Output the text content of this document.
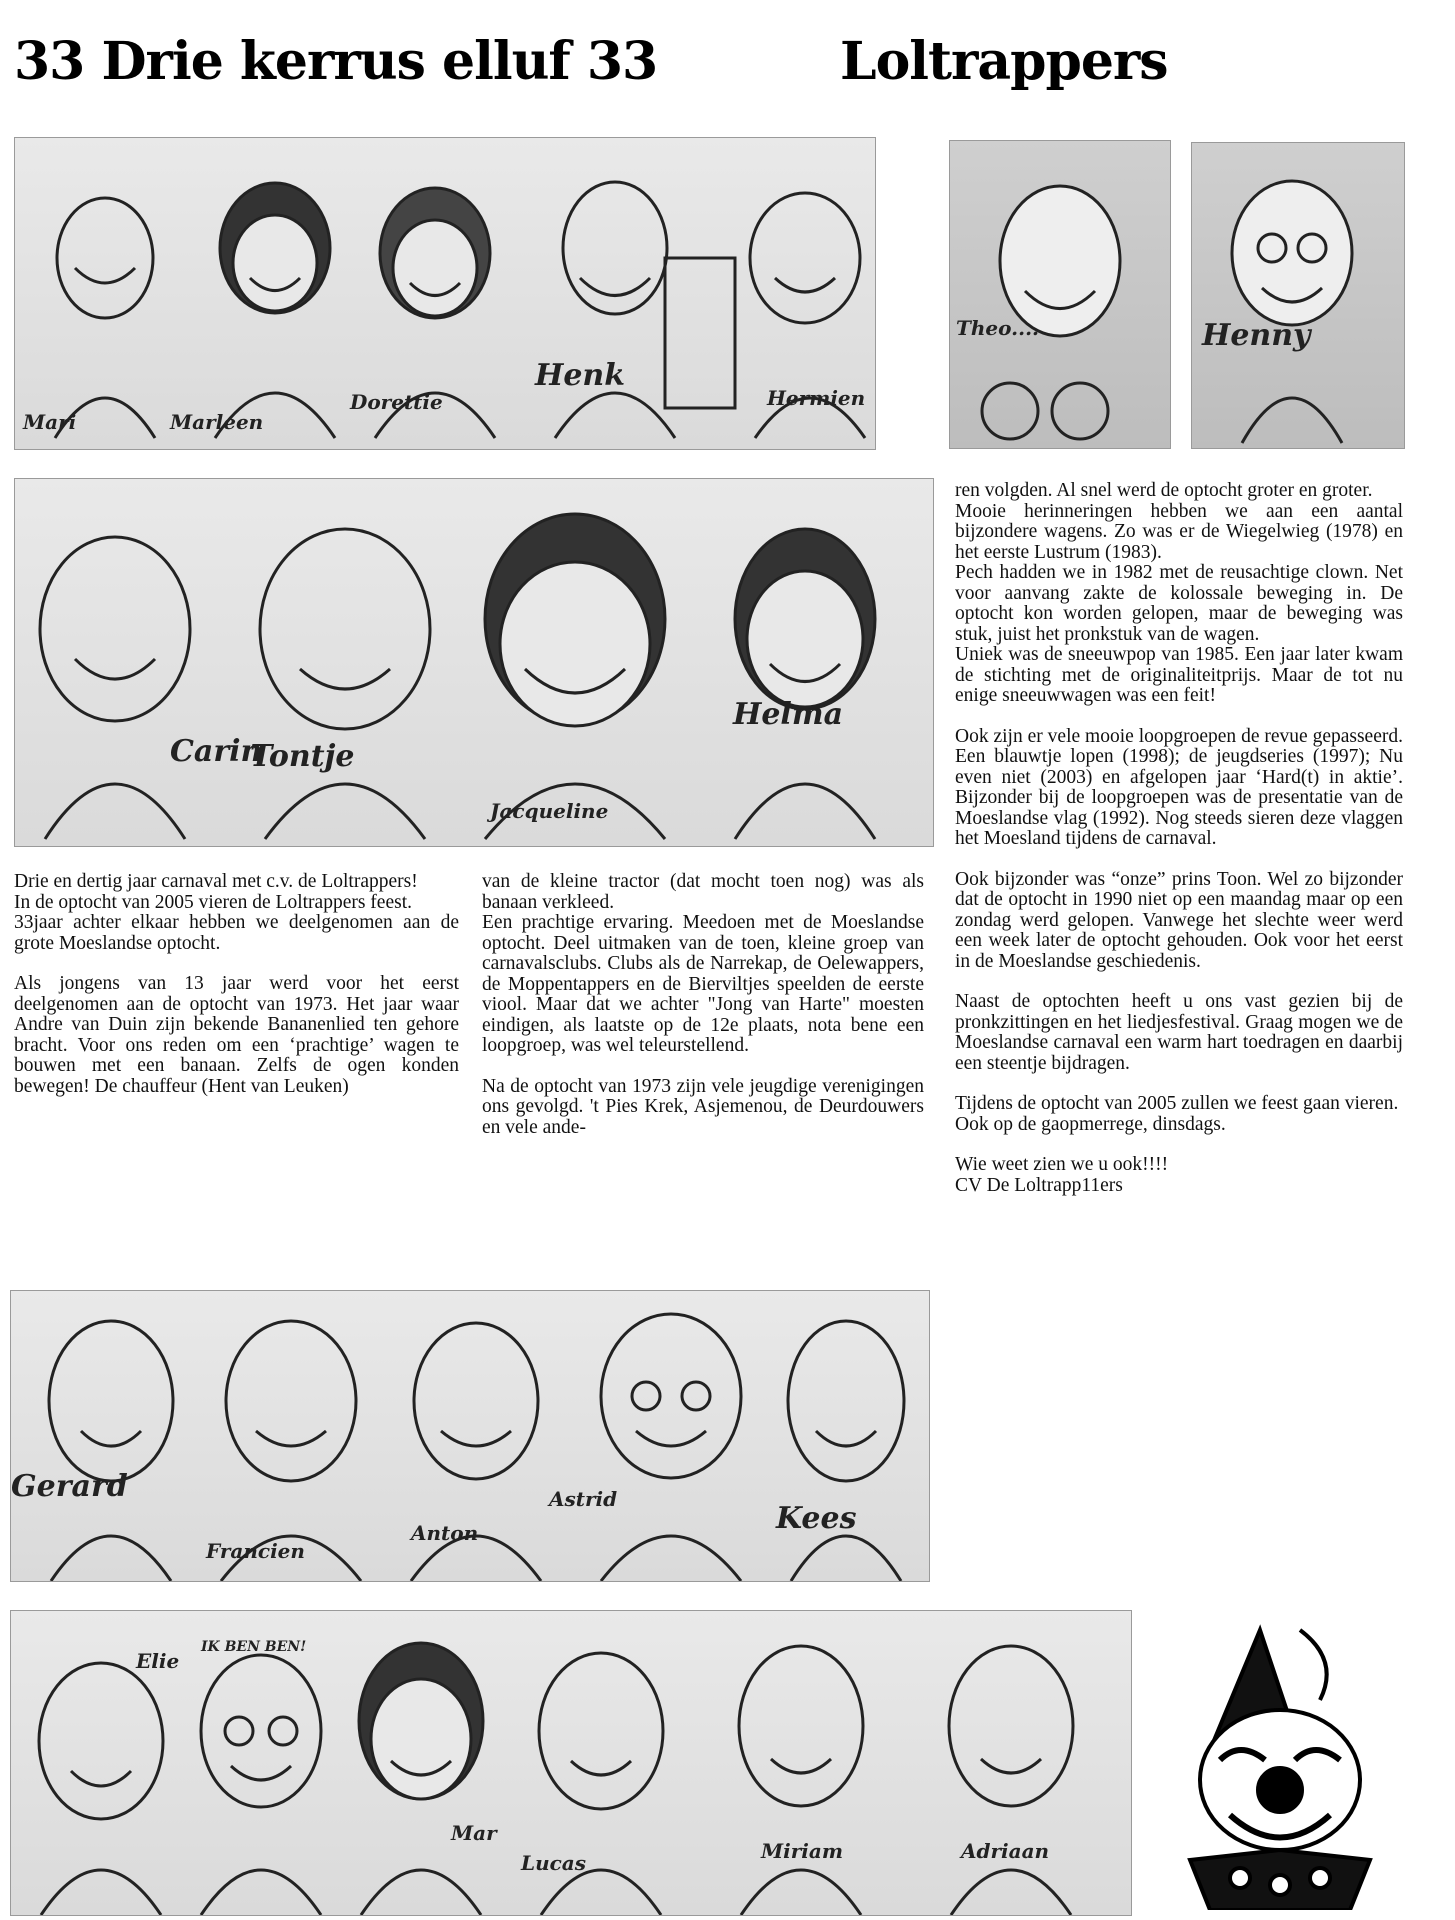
33 Drie kerrus elluf 33	Loltrappers
Mari	Marleen
Dorettie
Henk
Hermien
Theo....	Henny
Carin
Tontje
Jacqueline
Helma

Drie en dertig jaar carnaval met c.v. de Loltrappers!

In de optocht van 2005 vieren de Loltrappers feest.

33jaar achter elkaar hebben we deelgenomen aan de grote Moeslandse optocht.

Als jongens van 13 jaar werd voor het eerst deelgenomen aan de optocht van 1973. Het jaar waar Andre van Duin zijn bekende Bananenlied ten gehore bracht. Voor ons reden om een ‘prachtige’ wagen te bouwen met een banaan. Zelfs de ogen konden bewegen! De chauffeur (Hent van Leuken)

van de kleine tractor (dat mocht toen nog) was als banaan verkleed.

Een prachtige ervaring. Meedoen met de Moeslandse optocht. Deel uitmaken van de toen, kleine groep van carnavalsclubs. Clubs als de Narrekap, de Oelewappers, de Moppentappers en de Bierviltjes speelden de eerste viool. Maar dat we achter "Jong van Harte" moesten eindigen, als laatste op de 12e plaats, nota bene een loopgroep, was wel teleurstellend.

Na de optocht van 1973 zijn vele jeugdige verenigingen ons gevolgd. 't Pies Krek, Asjemenou, de Deurdouwers en vele ande-

ren volgden. Al snel werd de optocht groter en groter.

Mooie herinneringen hebben we aan een aantal bijzondere wagens. Zo was er de Wiegelwieg (1978) en het eerste Lustrum (1983).

Pech hadden we in 1982 met de reusachtige clown. Net voor aanvang zakte de kolossale beweging in. De optocht kon worden gelopen, maar de beweging was stuk, juist het pronkstuk van de wagen.

Uniek was de sneeuwpop van 1985. Een jaar later kwam de stichting met de originaliteitprijs. Maar de tot nu enige sneeuwwagen was een feit!

Ook zijn er vele mooie loopgroepen de revue gepasseerd. Een blauwtje lopen (1998); de jeugdseries (1997); Nu even niet (2003) en afgelopen jaar ‘Hard(t) in aktie’. Bijzonder bij de loopgroepen was de presentatie van de Moeslandse vlag (1992). Nog steeds sieren deze vlaggen het Moesland tijdens de carnaval.

Ook bijzonder was “onze” prins Toon. Wel zo bijzonder dat de optocht in 1990 niet op een maandag maar op een zondag werd gelopen. Vanwege het slechte weer werd een week later de optocht gehouden. Ook voor het eerst in de Moeslandse geschiedenis.

Naast de optochten heeft u ons vast gezien bij de pronkzittingen en het liedjesfestival. Graag mogen we de Moeslandse carnaval een warm hart toedragen en daarbij een steentje bijdragen.

Tijdens de optocht van 2005 zullen we feest gaan vieren.

Ook op de gaopmerrege, dinsdags.

Wie weet zien we u ook!!!!

CV De Loltrapp11ers

Gerard
Francien
Anton
Astrid
Kees
Elie
IK BEN BEN!
Mar
Lucas	Miriam	Adriaan
